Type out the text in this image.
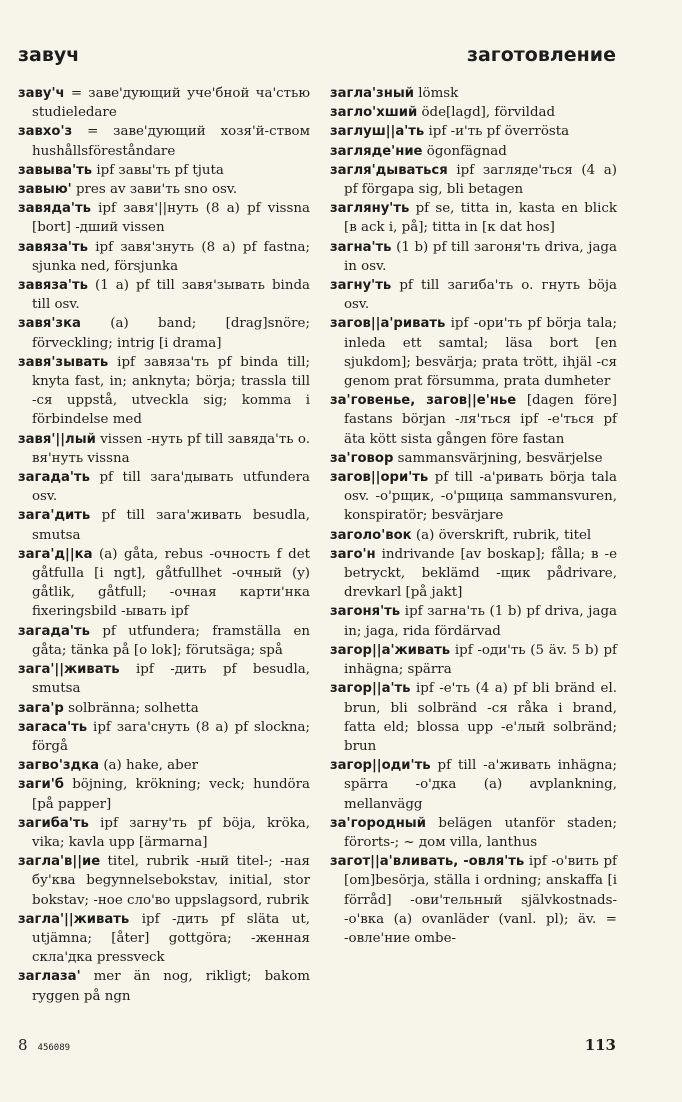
завуч	заготовление

заву'ч = заве'дующий уче'бной ча'стью studieledare

завхо'з = заве'дующий хозя'й-ством hushållsföreståndare

завыва'ть ipf завы'ть pf tjuta

завыю' pres av зави'ть sno osv.

завяда'ть ipf завя'||нуть (8 a) pf vissna [bort] -дший vissen

завяза'ть ipf завя'знуть (8 a) pf fastna; sjunka ned, försjunka

завяза'ть (1 a) pf till завя'зывать binda till osv.

завя'зка (a) band; [drag]snöre; förveckling; intrig [i drama]

завя'зывать ipf завяза'ть pf binda till; knyta fast, in; anknyta; börja; trassla till -ся uppstå, utveckla sig; komma i förbindelse med

завя'||лый vissen -нуть pf till завяда'ть o. вя'нуть vissna

загада'ть pf till зага'дывать utfundera osv.

зага'дить pf till зага'живать besudla, smutsa

зага'д||ка (a) gåta, rebus -очность f det gåtfulla [i ngt], gåtfullhet -очный (y) gåtlik, gåtfull; -очная карти'нка fixeringsbild -ывать ipf

загада'ть pf utfundera; framställa en gåta; tänka på [o lok]; förutsäga; spå

зага'||живать ipf -дить pf besudla, smutsa

зага'р solbränna; solhetta

загаса'ть ipf зага'снуть (8 a) pf slockna; förgå

загво'здка (a) hake, aber

заги'б böjning, krökning; veck; hundöra [på papper]

загиба'ть ipf загну'ть pf böja, kröka, vika; kavla upp [ärmarna]

загла'в||ие titel, rubrik -ный titel-; -ная бу'ква begynnelsebokstav, initial, stor bokstav; -ное сло'во uppslagsord, rubrik

загла'||живать ipf -дить pf släta ut, utjämna; [åter] gottgöra; -женная скла'дка pressveck

заглаза' mer än nog, rikligt; bakom ryggen på ngn

загла'зный lömsk

загло'хший öde[lagd], förvildad

заглуш||а'ть ipf -и'ть pf överrösta

загляде'ние ögonfägnad

загля'дываться ipf загляде'ться (4 a) pf förgapa sig, bli betagen

загляну'ть pf se, titta in, kasta en blick [в ack i, på]; titta in [к dat hos]

загна'ть (1 b) pf till загоня'ть driva, jaga in osv.

загну'ть pf till загиба'ть o. гнуть böja osv.

загов||а'ривать ipf -ори'ть pf börja tala; inleda ett samtal; läsa bort [en sjukdom]; besvärja; prata trött, ihjäl -ся genom prat försumma, prata dumheter

за'говенье, загов||е'нье [dagen före] fastans början -ля'ться ipf -е'ться pf äta kött sista gången före fastan

за'говор sammansvärjning, besvärjelse

загов||ори'ть pf till -а'ривать börja tala osv. -о'рщик, -о'рщица sammansvuren, konspiratör; besvärjare

заголо'вок (a) överskrift, rubrik, titel

заго'н indrivande [av boskap]; fålla; в -е betryckt, beklämd -щик pådrivare, drevkarl [på jakt]

загоня'ть ipf загна'ть (1 b) pf driva, jaga in; jaga, rida fördärvad

загор||а'живать ipf -оди'ть (5 äv. 5 b) pf inhägna; spärra

загор||а'ть ipf -е'ть (4 a) pf bli bränd el. brun, bli solbränd -ся råka i brand, fatta eld; blossa upp -е'лый solbränd; brun

загор||оди'ть pf till -а'живать inhägna; spärra -о'дка (a) avplankning, mellanvägg

за'городный belägen utanför staden; förorts-; ~ дом villa, lanthus

загот||а'вливать, -овля'ть ipf -о'вить pf [om]besörja, ställa i ordning; anskaffa [i förråd] -ови'тельный självkostnads- -о'вка (a) ovanläder (vanl. pl); äv. = -овле'ние ombe-

8 456089	113
